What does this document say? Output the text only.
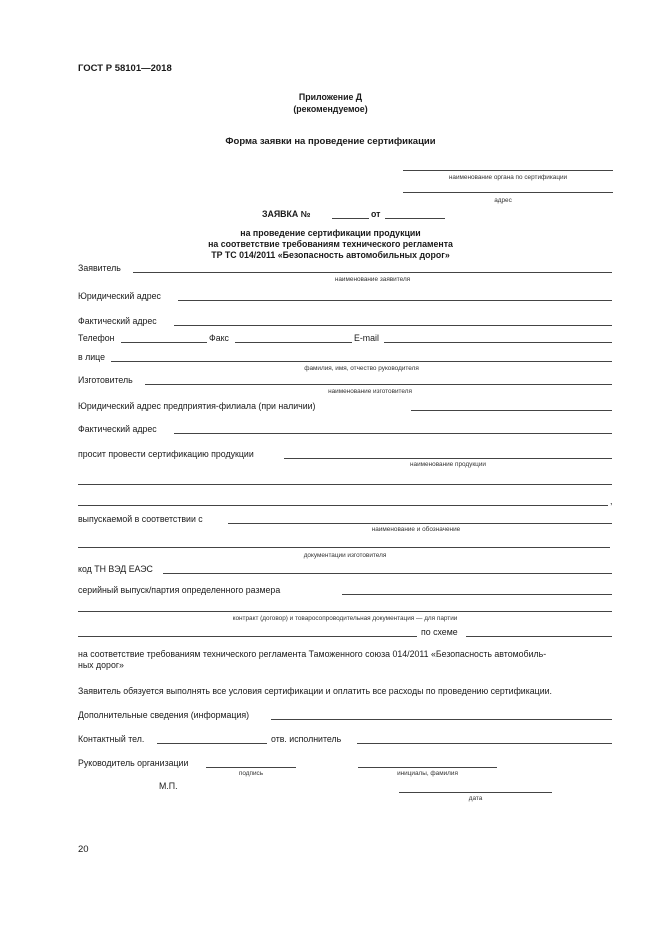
ГОСТ Р 58101—2018
Приложение Д
(рекомендуемое)
Форма заявки на проведение сертификации
наименование органа по сертификации
адрес
ЗАЯВКА №	от
на проведение сертификации продукции
на соответствие требованиям технического регламента
ТР ТС 014/2011 «Безопасность автомобильных дорог»
Заявитель
наименование заявителя
Юридический адрес
Фактический адрес
Телефон	Факс	E-mail
в лице
фамилия, имя, отчество руководителя
Изготовитель
наименование изготовителя
Юридический адрес предприятия-филиала (при наличии)
Фактический адрес
просит провести сертификацию продукции
наименование продукции
,
выпускаемой в соответствии с
наименование и обозначение
документации изготовителя
код ТН ВЭД ЕАЭС
серийный выпуск/партия определенного размера
контракт (договор) и товаросопроводительная документация — для партии
по схеме
на соответствие требованиям технического регламента Таможенного союза 014/2011 «Безопасность автомобиль-
ных дорог»
Заявитель обязуется выполнять все условия сертификации и оплатить все расходы по проведению сертификации.
Дополнительные сведения (информация)
Контактный тел.	отв. исполнитель
Руководитель организации
подпись	инициалы, фамилия
М.П.
дата
20
